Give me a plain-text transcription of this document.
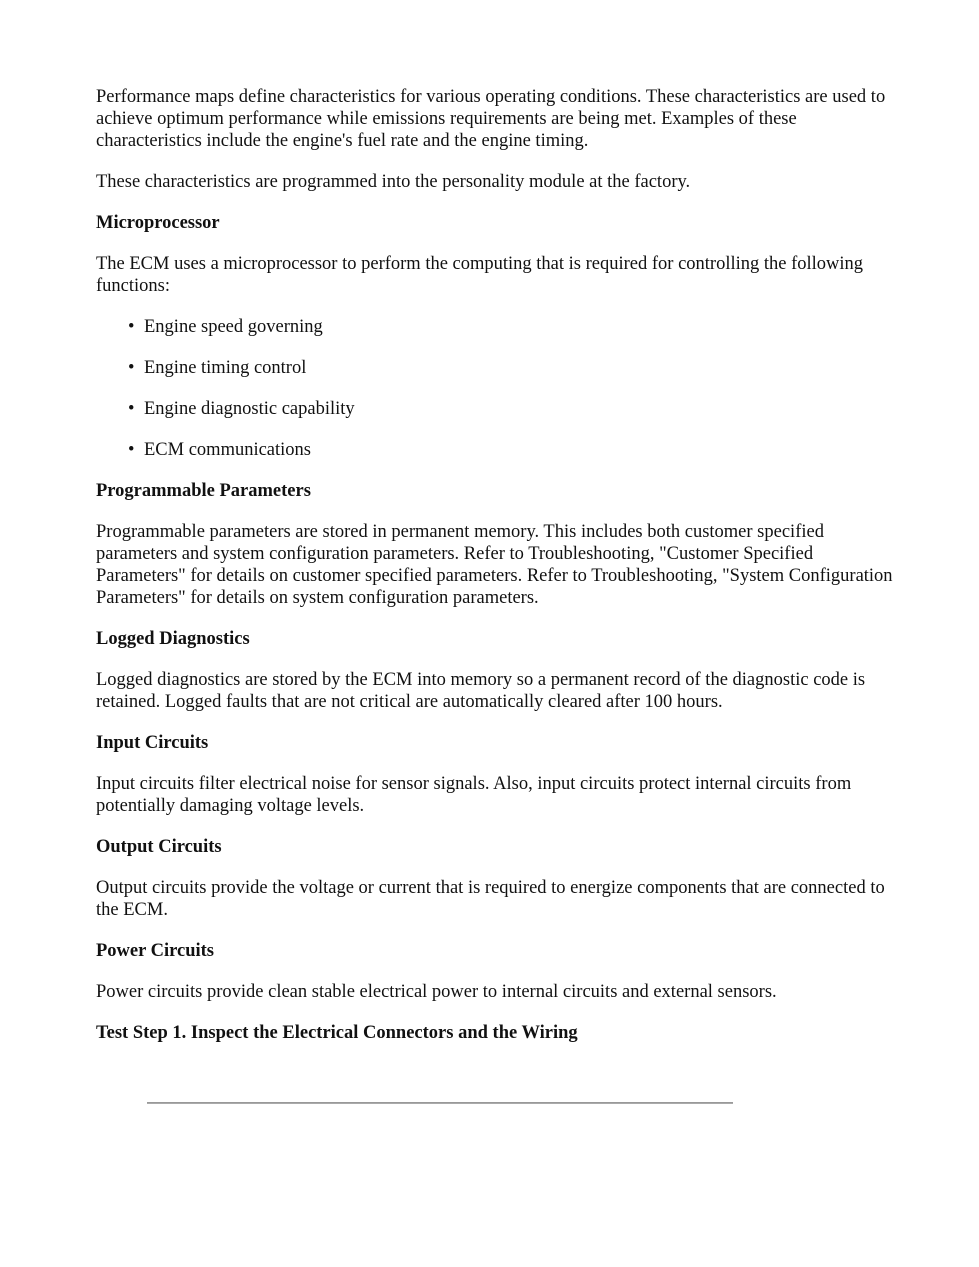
Performance maps define characteristics for various operating conditions. These characteristics are used to achieve optimum performance while emissions requirements are being met. Examples of these characteristics include the engine's fuel rate and the engine timing.

These characteristics are programmed into the personality module at the factory.

Microprocessor

The ECM uses a microprocessor to perform the computing that is required for controlling the following functions:

• Engine speed governing
• Engine timing control
• Engine diagnostic capability
• ECM communications
Programmable Parameters

Programmable parameters are stored in permanent memory. This includes both customer specified parameters and system configuration parameters. Refer to Troubleshooting, "Customer Specified Parameters" for details on customer specified parameters. Refer to Troubleshooting, "System Configuration Parameters" for details on system configuration parameters.

Logged Diagnostics

Logged diagnostics are stored by the ECM into memory so a permanent record of the diagnostic code is retained. Logged faults that are not critical are automatically cleared after 100 hours.

Input Circuits

Input circuits filter electrical noise for sensor signals. Also, input circuits protect internal circuits from potentially damaging voltage levels.

Output Circuits

Output circuits provide the voltage or current that is required to energize components that are connected to the ECM.

Power Circuits

Power circuits provide clean stable electrical power to internal circuits and external sensors.

Test Step 1. Inspect the Electrical Connectors and the Wiring
